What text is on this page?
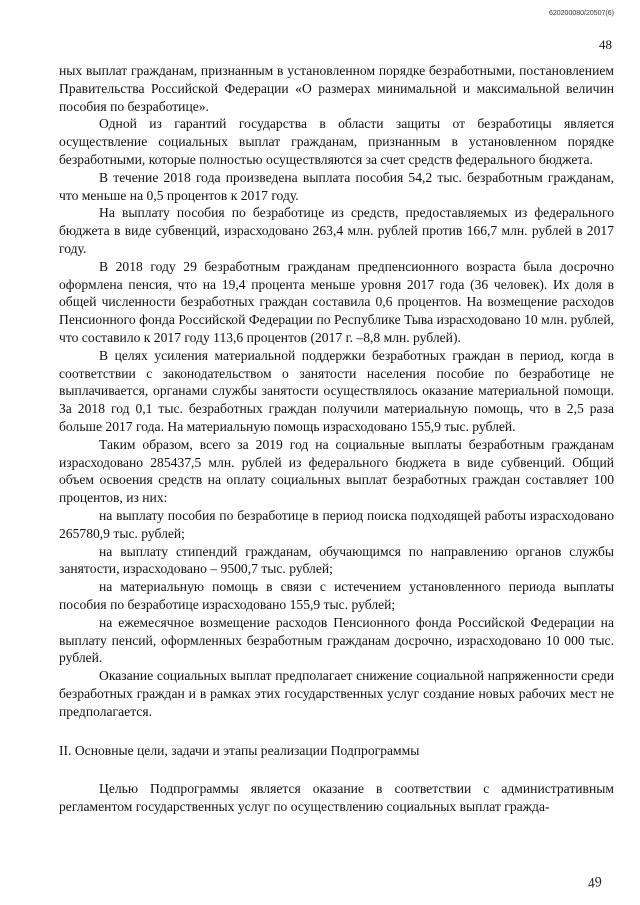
620200080/20507(6)
48

ных выплат гражданам, признанным в установленном порядке безработными, постановлением Правительства Российской Федерации «О размерах минимальной и максимальной величин пособия по безработице».

Одной из гарантий государства в области защиты от безработицы является осуществление социальных выплат гражданам, признанным в установленном порядке безработными, которые полностью осуществляются за счет средств федерального бюджета.

В течение 2018 года произведена выплата пособия 54,2 тыс. безработным гражданам, что меньше на 0,5 процентов к 2017 году.

На выплату пособия по безработице из средств, предоставляемых из федерального бюджета в виде субвенций, израсходовано 263,4 млн. рублей против 166,7 млн. рублей в 2017 году.

В 2018 году 29 безработным гражданам предпенсионного возраста была досрочно оформлена пенсия, что на 19,4 процента меньше уровня 2017 года (36 человек). Их доля в общей численности безработных граждан составила 0,6 процентов. На возмещение расходов Пенсионного фонда Российской Федерации по Республике Тыва израсходовано 10 млн. рублей, что составило к 2017 году 113,6 процентов (2017 г. –8,8 млн. рублей).

В целях усиления материальной поддержки безработных граждан в период, когда в соответствии с законодательством о занятости населения пособие по безработице не выплачивается, органами службы занятости осуществлялось оказание материальной помощи. За 2018 год 0,1 тыс. безработных граждан получили материальную помощь, что в 2,5 раза больше 2017 года. На материальную помощь израсходовано 155,9 тыс. рублей.

Таким образом, всего за 2019 год на социальные выплаты безработным гражданам израсходовано 285437,5 млн. рублей из федерального бюджета в виде субвенций. Общий объем освоения средств на оплату социальных выплат безработных граждан составляет 100 процентов, из них:

на выплату пособия по безработице в период поиска подходящей работы израсходовано 265780,9 тыс. рублей;

на выплату стипендий гражданам, обучающимся по направлению органов службы занятости, израсходовано – 9500,7 тыс. рублей;

на материальную помощь в связи с истечением установленного периода выплаты пособия по безработице израсходовано 155,9 тыс. рублей;

на ежемесячное возмещение расходов Пенсионного фонда Российской Федерации на выплату пенсий, оформленных безработным гражданам досрочно, израсходовано 10 000 тыс. рублей.

Оказание социальных выплат предполагает снижение социальной напряженности среди безработных граждан и в рамках этих государственных услуг создание новых рабочих мест не предполагается.

II. Основные цели, задачи и этапы реализации Подпрограммы

Целью Подпрограммы является оказание в соответствии с административным регламентом государственных услуг по осуществлению социальных выплат гражда-

49
